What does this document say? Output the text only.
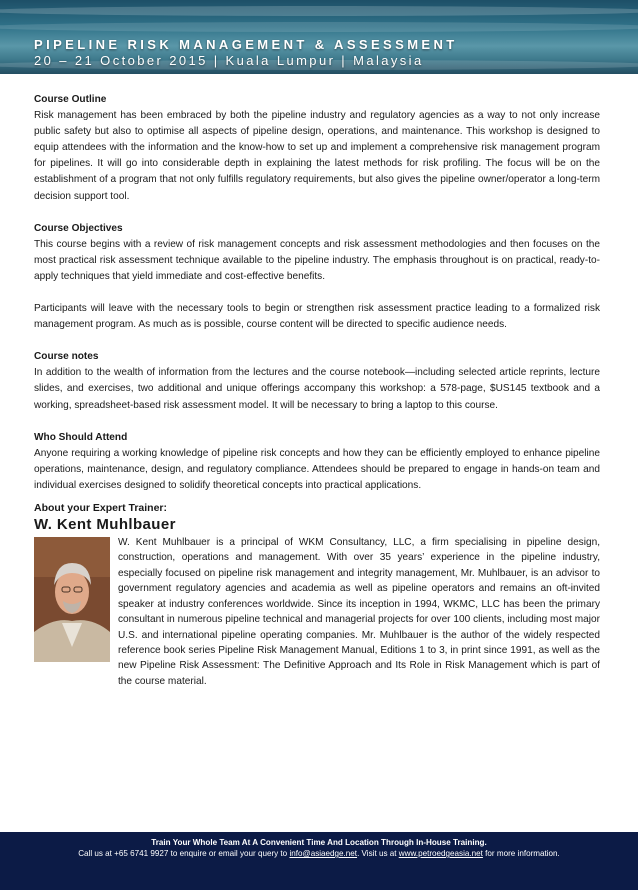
PIPELINE RISK MANAGEMENT & ASSESSMENT
20 – 21 October 2015 | Kuala Lumpur | Malaysia

Course Outline

Risk management has been embraced by both the pipeline industry and regulatory agencies as a way to not only increase public safety but also to optimise all aspects of pipeline design, operations, and maintenance. This workshop is designed to equip attendees with the information and the know-how to set up and implement a comprehensive risk management program for pipelines. It will go into considerable depth in explaining the latest methods for risk profiling. The focus will be on the establishment of a program that not only fulfills regulatory requirements, but also gives the pipeline owner/operator a long-term decision support tool.

Course Objectives

This course begins with a review of risk management concepts and risk assessment methodologies and then focuses on the most practical risk assessment technique available to the pipeline industry. The emphasis throughout is on practical, ready-to-apply techniques that yield immediate and cost-effective benefits.

Participants will leave with the necessary tools to begin or strengthen risk assessment practice leading to a formalized risk management program. As much as is possible, course content will be directed to specific audience needs.

Course notes

In addition to the wealth of information from the lectures and the course notebook—including selected article reprints, lecture slides, and exercises, two additional and unique offerings accompany this workshop: a 578-page, $US145 textbook and a working, spreadsheet-based risk assessment model. It will be necessary to bring a laptop to this course.

Who Should Attend

Anyone requiring a working knowledge of pipeline risk concepts and how they can be efficiently employed to enhance pipeline operations, maintenance, design, and regulatory compliance. Attendees should be prepared to engage in hands-on team and individual exercises designed to solidify theoretical concepts into practical applications.

About your Expert Trainer:
W. Kent Muhlbauer
W. Kent Muhlbauer is a principal of WKM Consultancy, LLC, a firm specialising in pipeline design, construction, operations and management. With over 35 years’ experience in the pipeline industry, especially focused on pipeline risk management and integrity management, Mr. Muhlbauer, is an advisor to government regulatory agencies and academia as well as pipeline operators and remains an oft-invited speaker at industry conferences worldwide. Since its inception in 1994, WKMC, LLC has been the primary consultant in numerous pipeline technical and managerial projects for over 100 clients, including most major U.S. and international pipeline operating companies. Mr. Muhlbauer is the author of the widely respected reference book series Pipeline Risk Management Manual, Editions 1 to 3, in print since 1991, as well as the new Pipeline Risk Assessment: The Definitive Approach and Its Role in Risk Management which is part of the course material.
Train Your Whole Team At A Convenient Time And Location Through In-House Training.
Call us at +65 6741 9927 to enquire or email your query to info@asiaedge.net. Visit us at www.petroedgeasia.net for more information.
